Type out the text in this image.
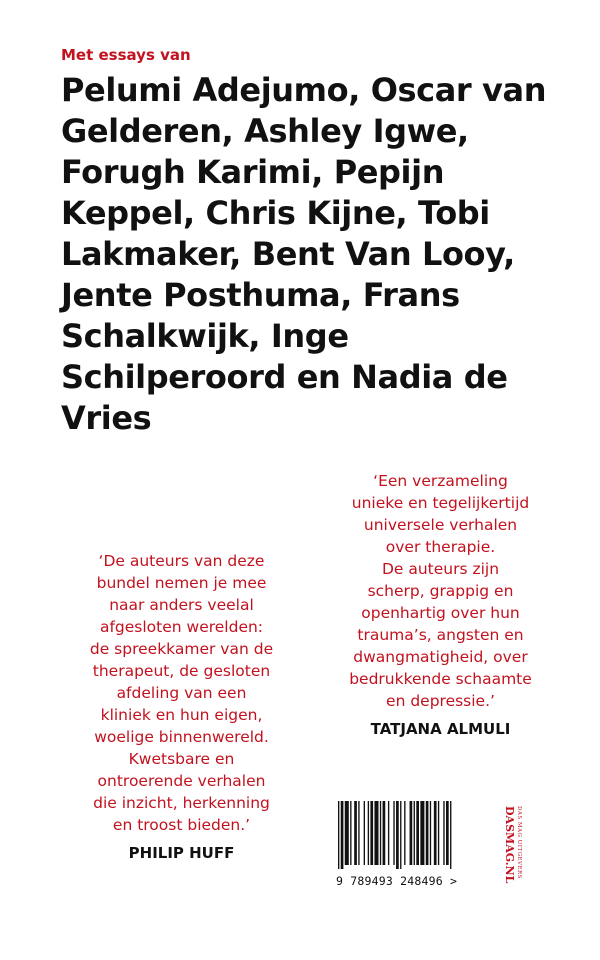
Met essays van

Pelumi Adejumo, Oscar van Gelderen, Ashley Igwe, Forugh Karimi, Pepijn Keppel, Chris Kijne, Tobi Lakmaker, Bent Van Looy, Jente Posthuma, Frans Schalkwijk, Inge Schilperoord en Nadia de Vries

‘De auteurs van deze
bundel nemen je mee
naar anders veelal
afgesloten werelden:
de spreekkamer van de
therapeut, de gesloten
afdeling van een
kliniek en hun eigen,
woelige binnenwereld.
Kwetsbare en
ontroerende verhalen
die inzicht, herkenning
en troost bieden.’

PHILIP HUFF

‘Een verzameling
unieke en tegelijkertijd
universele verhalen
over therapie.
De auteurs zijn
scherp, grappig en
openhartig over hun
trauma’s, angsten en
dwangmatigheid, over
bedrukkende schaamte
en depressie.’

TATJANA ALMULI
9 789493 248496 >
DAS MAG UITGEVERS
DASMAG.NL
